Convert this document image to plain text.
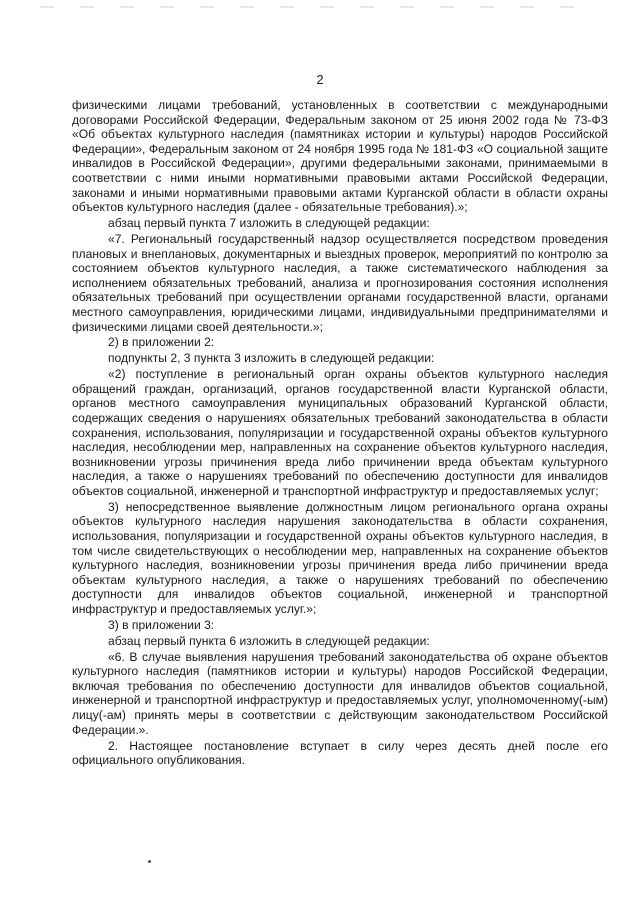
2

физическими лицами требований, установленных в соответствии с международными договорами Российской Федерации, Федеральным законом от 25 июня 2002 года № 73-ФЗ «Об объектах культурного наследия (памятниках истории и культуры) народов Российской Федерации», Федеральным законом от 24 ноября 1995 года № 181-ФЗ «О социальной защите инвалидов в Российской Федерации», другими федеральными законами, принимаемыми в соответствии с ними иными нормативными правовыми актами Российской Федерации, законами и иными нормативными правовыми актами Курганской области в области охраны объектов культурного наследия (далее - обязательные требования).»;

абзац первый пункта 7 изложить в следующей редакции:

«7. Региональный государственный надзор осуществляется посредством проведения плановых и внеплановых, документарных и выездных проверок, мероприятий по контролю за состоянием объектов культурного наследия, а также систематического наблюдения за исполнением обязательных требований, анализа и прогнозирования состояния исполнения обязательных требований при осуществлении органами государственной власти, органами местного самоуправления, юридическими лицами, индивидуальными предпринимателями и физическими лицами своей деятельности.»;

2) в приложении 2:

подпункты 2, 3 пункта 3 изложить в следующей редакции:

«2) поступление в региональный орган охраны объектов культурного наследия обращений граждан, организаций, органов государственной власти Курганской области, органов местного самоуправления муниципальных образований Курганской области, содержащих сведения о нарушениях обязательных требований законодательства в области сохранения, использования, популяризации и государственной охраны объектов культурного наследия, несоблюдении мер, направленных на сохранение объектов культурного наследия, возникновении угрозы причинения вреда либо причинении вреда объектам культурного наследия, а также о нарушениях требований по обеспечению доступности для инвалидов объектов социальной, инженерной и транспортной инфраструктур и предоставляемых услуг;

3) непосредственное выявление должностным лицом регионального органа охраны объектов культурного наследия нарушения законодательства в области сохранения, использования, популяризации и государственной охраны объектов культурного наследия, в том числе свидетельствующих о несоблюдении мер, направленных на сохранение объектов культурного наследия, возникновении угрозы причинения вреда либо причинении вреда объектам культурного наследия, а также о нарушениях требований по обеспечению доступности для инвалидов объектов социальной, инженерной и транспортной инфраструктур и предоставляемых услуг.»;

3) в приложении 3:

абзац первый пункта 6 изложить в следующей редакции:

«6. В случае выявления нарушения требований законодательства об охране объектов культурного наследия (памятников истории и культуры) народов Российской Федерации, включая требования по обеспечению доступности для инвалидов объектов социальной, инженерной и транспортной инфраструктур и предоставляемых услуг, уполномоченному(-ым) лицу(-ам) принять меры в соответствии с действующим законодательством Российской Федерации.».

2. Настоящее постановление вступает в силу через десять дней после его официального опубликования.
